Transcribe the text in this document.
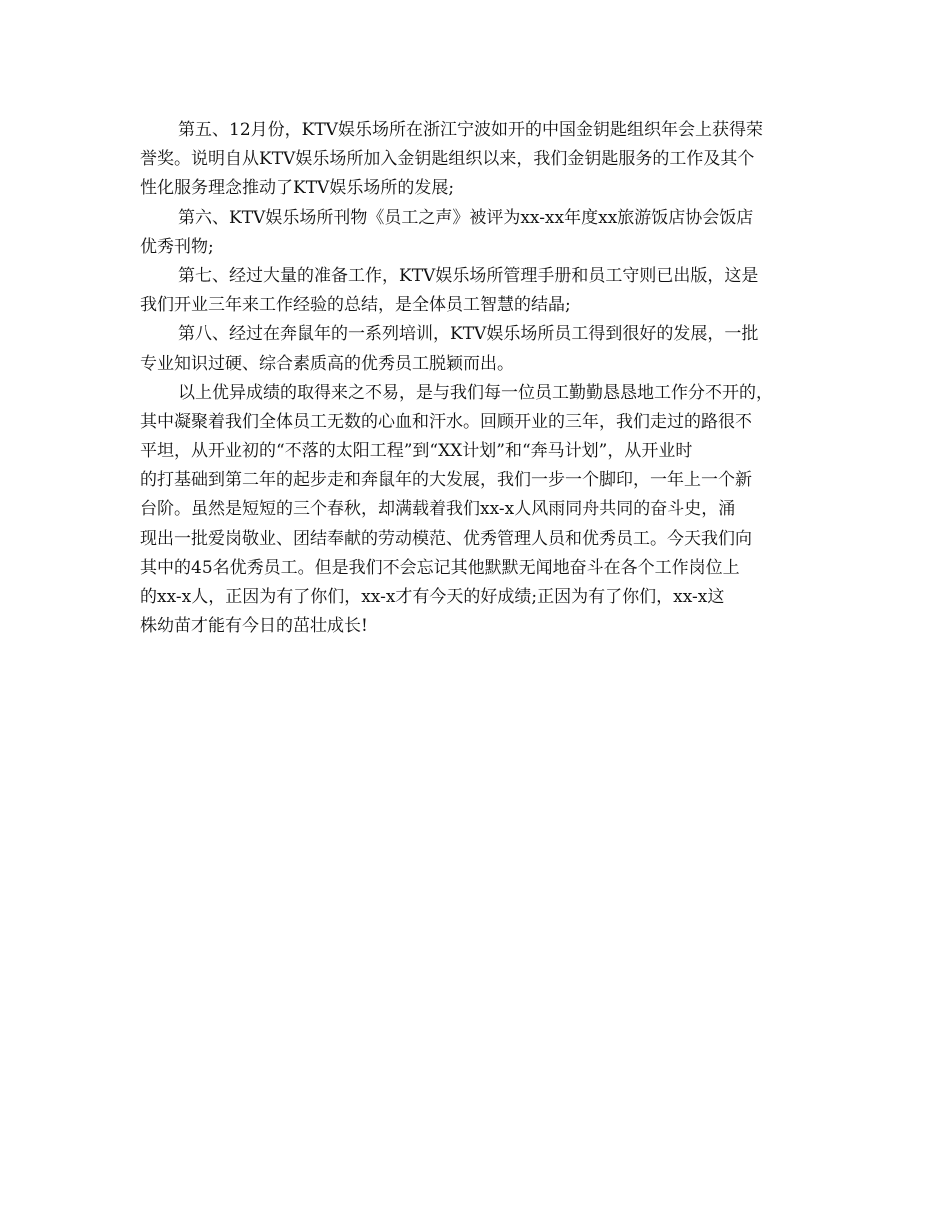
第五、12月份，KTV娱乐场所在浙江宁波如开的中国金钥匙组织年会上获得荣
誉奖。说明自从KTV娱乐场所加入金钥匙组织以来，我们金钥匙服务的工作及其个
性化服务理念推动了KTV娱乐场所的发展;
第六、KTV娱乐场所刊物《员工之声》被评为xx-xx年度xx旅游饭店协会饭店
优秀刊物;
第七、经过大量的准备工作，KTV娱乐场所管理手册和员工守则已出版，这是
我们开业三年来工作经验的总结，是全体员工智慧的结晶;
第八、经过在奔鼠年的一系列培训，KTV娱乐场所员工得到很好的发展，一批
专业知识过硬、综合素质高的优秀员工脱颖而出。
以上优异成绩的取得来之不易，是与我们每一位员工勤勤恳恳地工作分不开的，
其中凝聚着我们全体员工无数的心血和汗水。回顾开业的三年，我们走过的路很不
平坦，从开业初的“不落的太阳工程”到“XX计划”和“奔马计划”，从开业时
的打基础到第二年的起步走和奔鼠年的大发展，我们一步一个脚印，一年上一个新
台阶。虽然是短短的三个春秋，却满载着我们xx-x人风雨同舟共同的奋斗史，涌
现出一批爱岗敬业、团结奉献的劳动模范、优秀管理人员和优秀员工。今天我们向
其中的45名优秀员工。但是我们不会忘记其他默默无闻地奋斗在各个工作岗位上
的xx-x人，正因为有了你们，xx-x才有今天的好成绩;正因为有了你们，xx-x这
株幼苗才能有今日的茁壮成长!
